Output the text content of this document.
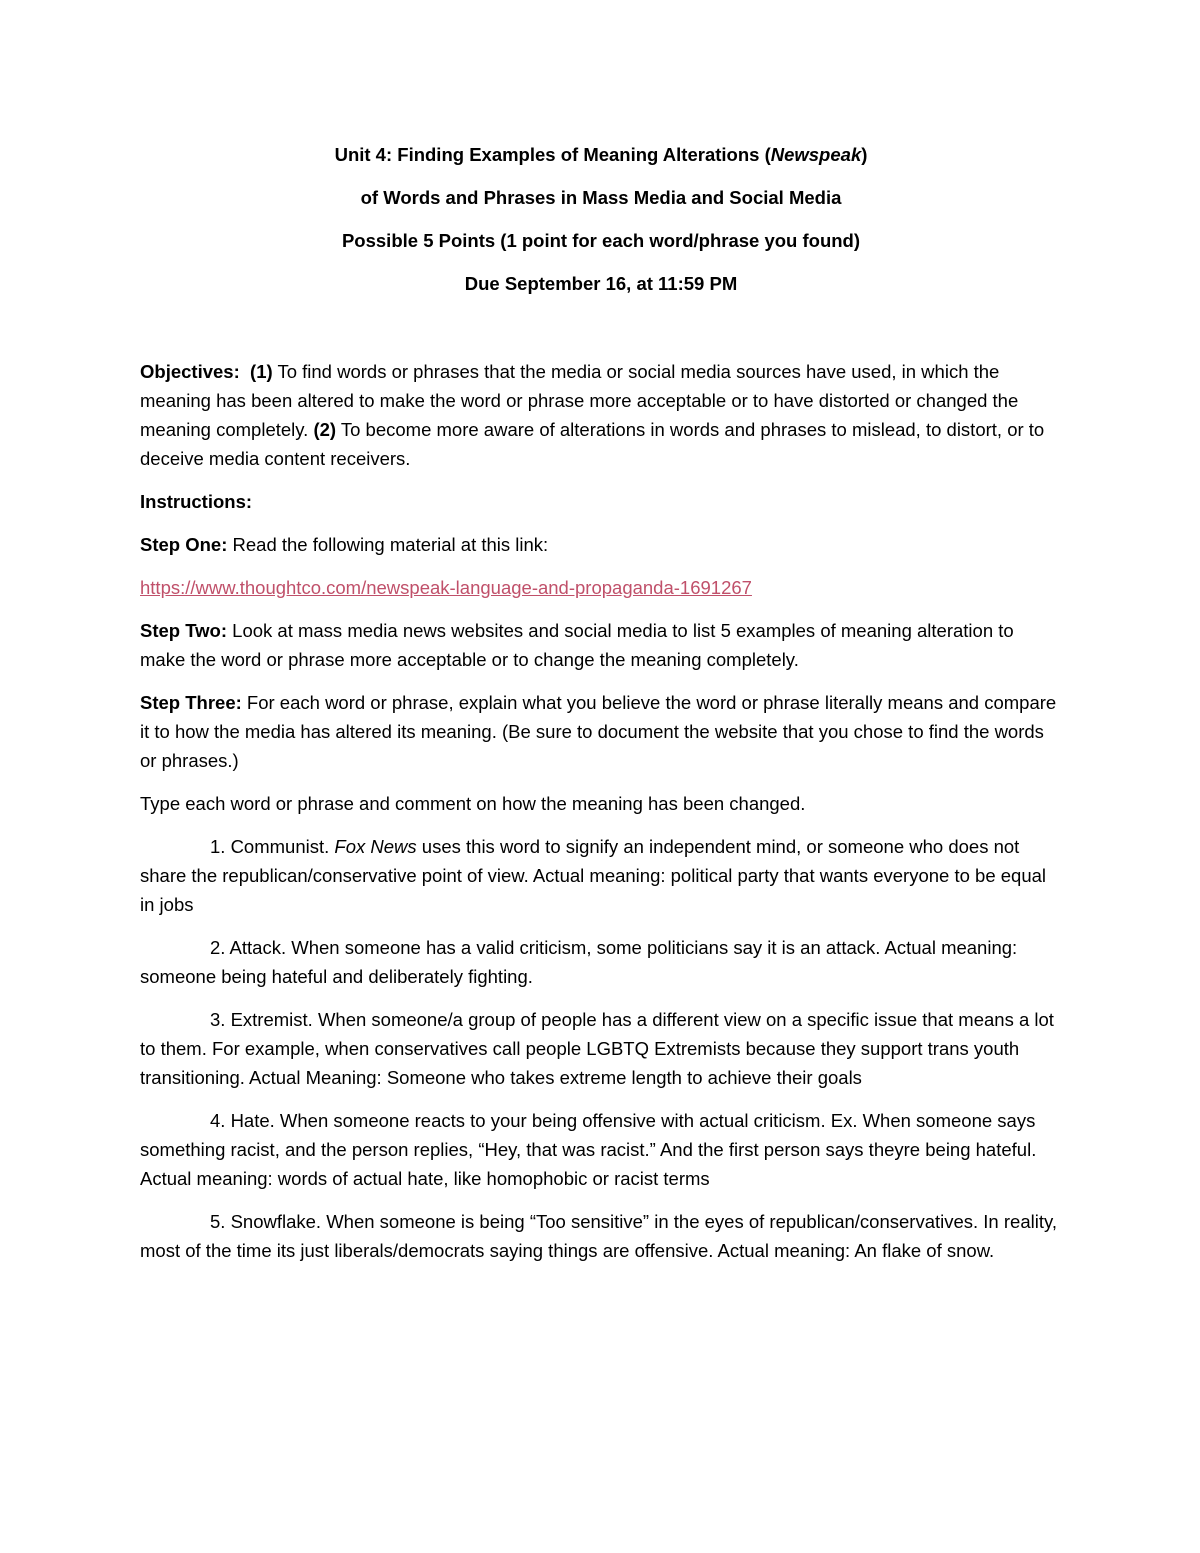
Unit 4: Finding Examples of Meaning Alterations (Newspeak)
of Words and Phrases in Mass Media and Social Media
Possible 5 Points (1 point for each word/phrase you found)
Due September 16, at 11:59 PM

Objectives: (1) To find words or phrases that the media or social media sources have used, in which the meaning has been altered to make the word or phrase more acceptable or to have distorted or changed the meaning completely. (2) To become more aware of alterations in words and phrases to mislead, to distort, or to deceive media content receivers.

Instructions:

Step One: Read the following material at this link:

https://www.thoughtco.com/newspeak-language-and-propaganda-1691267

Step Two: Look at mass media news websites and social media to list 5 examples of meaning alteration to make the word or phrase more acceptable or to change the meaning completely.

Step Three: For each word or phrase, explain what you believe the word or phrase literally means and compare it to how the media has altered its meaning. (Be sure to document the website that you chose to find the words or phrases.)

Type each word or phrase and comment on how the meaning has been changed.

1. Communist. Fox News uses this word to signify an independent mind, or someone who does not share the republican/conservative point of view. Actual meaning: political party that wants everyone to be equal in jobs

2. Attack. When someone has a valid criticism, some politicians say it is an attack. Actual meaning: someone being hateful and deliberately fighting.

3. Extremist. When someone/a group of people has a different view on a specific issue that means a lot to them. For example, when conservatives call people LGBTQ Extremists because they support trans youth transitioning. Actual Meaning: Someone who takes extreme length to achieve their goals

4. Hate. When someone reacts to your being offensive with actual criticism. Ex. When someone says something racist, and the person replies, “Hey, that was racist.” And the first person says theyre being hateful. Actual meaning: words of actual hate, like homophobic or racist terms

5. Snowflake. When someone is being “Too sensitive” in the eyes of republican/conservatives. In reality, most of the time its just liberals/democrats saying things are offensive. Actual meaning: An flake of snow.
